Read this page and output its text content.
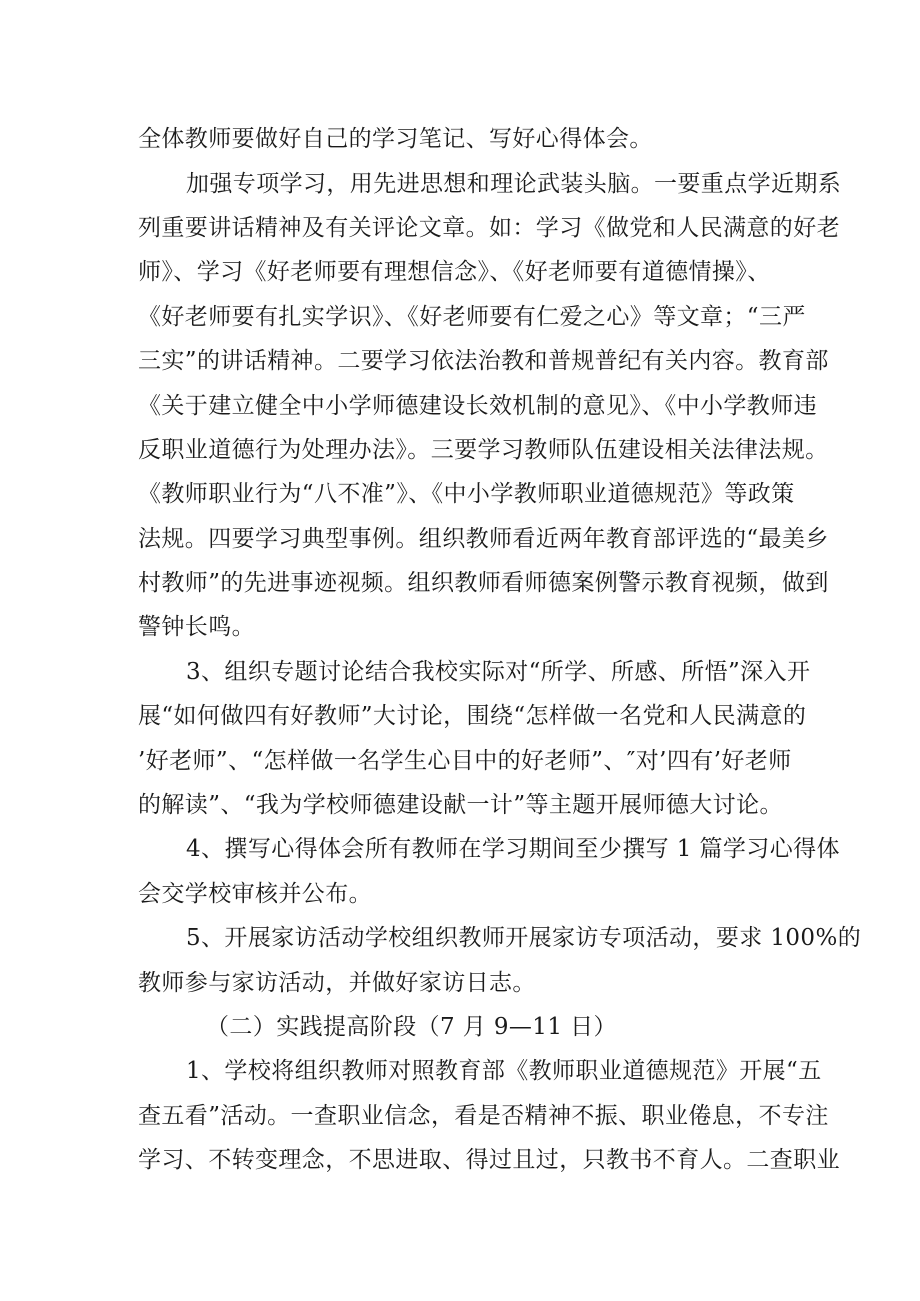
全体教师要做好自己的学习笔记、写好心得体会。
加强专项学习，用先进思想和理论武装头脑。一要重点学近期系
列重要讲话精神及有关评论文章。如：学习《做党和人民满意的好老
师》、学习《好老师要有理想信念》、《好老师要有道德情操》、
《好老师要有扎实学识》、《好老师要有仁爱之心》等文章；“三严
三实”的讲话精神。二要学习依法治教和普规普纪有关内容。教育部
《关于建立健全中小学师德建设长效机制的意见》、《中小学教师违
反职业道德行为处理办法》。三要学习教师队伍建设相关法律法规。
《教师职业行为“八不准”》、《中小学教师职业道德规范》等政策
法规。四要学习典型事例。组织教师看近两年教育部评选的“最美乡
村教师”的先进事迹视频。组织教师看师德案例警示教育视频，做到
警钟长鸣。
3、组织专题讨论结合我校实际对“所学、所感、所悟”深入开
展“如何做四有好教师”大讨论，围绕“怎样做一名党和人民满意的
’好老师”、“怎样做一名学生心目中的好老师”、″对’四有’好老师
的解读”、“我为学校师德建设献一计”等主题开展师德大讨论。
4、撰写心得体会所有教师在学习期间至少撰写 1 篇学习心得体
会交学校审核并公布。
5、开展家访活动学校组织教师开展家访专项活动，要求 100%的
教师参与家访活动，并做好家访日志。
（二）实践提高阶段（7 月 9—11 日）
1、学校将组织教师对照教育部《教师职业道德规范》开展“五
查五看”活动。一查职业信念，看是否精神不振、职业倦息，不专注
学习、不转变理念，不思进取、得过且过，只教书不育人。二查职业
